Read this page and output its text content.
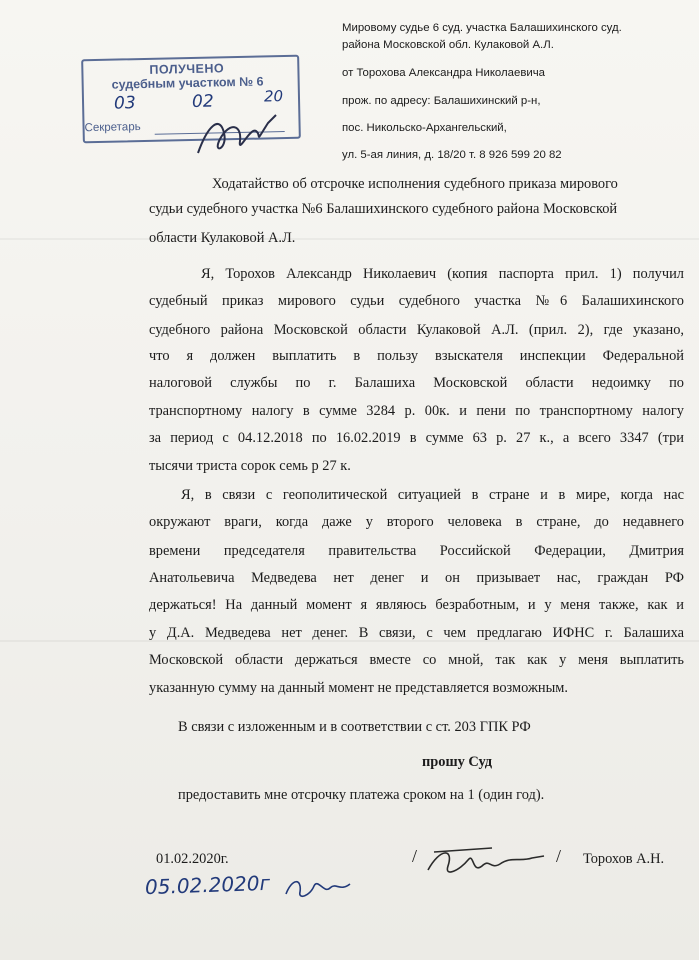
Мировому судье 6 суд. участка Балашихинского суд.
района Московской обл. Кулаковой А.Л.
от Торохова Александра Николаевича
прож. по адресу: Балашихинский р-н,
пос. Никольско-Архангельский,
ул. 5-ая линия, д. 18/20 т. 8 926 599 20 82
ПОЛУЧЕНО
судебным участком № 6
Секретарь
03	02	20
Ходатайство об отсрочке исполнения судебного приказа мирового
судьи судебного участка №6 Балашихинского судебного района Московской
области Кулаковой А.Л.
Я, Торохов Александр Николаевич (копия паспорта прил. 1) получил
судебный приказ мирового судьи судебного участка №6 Балашихинского
судебного района Московской области Кулаковой А.Л. (прил. 2), где указано,
что я должен выплатить в пользу взыскателя инспекции Федеральной
налоговой службы по г. Балашиха Московской области недоимку по
транспортному налогу в сумме 3284 р. 00к. и пени по транспортному налогу
за период с 04.12.2018 по 16.02.2019 в сумме 63 р. 27 к., а всего 3347 (три
тысячи триста сорок семь р 27 к.
Я, в связи с геополитической ситуацией в стране и в мире, когда нас
окружают враги, когда даже у второго человека в стране, до недавнего
времени председателя правительства Российской Федерации, Дмитрия
Анатольевича Медведева нет денег и он призывает нас, граждан РФ
держаться! На данный момент я являюсь безработным, и у меня также, как и
у Д.А. Медведева нет денег. В связи, с чем предлагаю ИФНС г. Балашиха
Московской области держаться вместе со мной, так как у меня выплатить
указанную сумму на данный момент не представляется возможным.
В связи с изложенным и в соответствии с ст. 203 ГПК РФ
прошу Суд
предоставить мне отсрочку платежа сроком на 1 (один год).
01.02.2020г.	/	/ Торохов А.Н.
05.02.2020г
